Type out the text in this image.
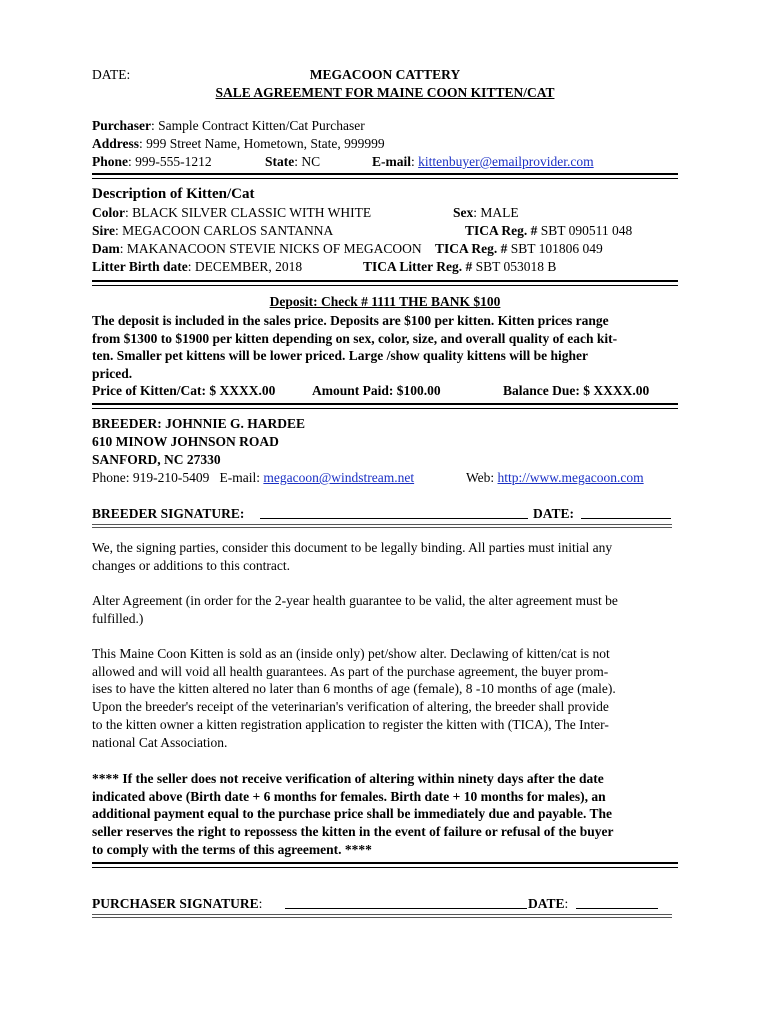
DATE:	MEGACOON CATTERY
SALE AGREEMENT FOR MAINE COON KITTEN/CAT
Purchaser: Sample Contract Kitten/Cat Purchaser
Address: 999 Street Name, Hometown, State, 999999
Phone: 999-555-1212	State: NC	E-mail: kittenbuyer@emailprovider.com
Description of Kitten/Cat
Color: BLACK SILVER CLASSIC WITH WHITE	Sex: MALE
Sire: MEGACOON CARLOS SANTANNA	TICA Reg. # SBT 090511 048
Dam: MAKANACOON STEVIE NICKS OF MEGACOON TICA Reg. # SBT 101806 049
Litter Birth date: DECEMBER, 2018	TICA Litter Reg. # SBT 053018 B
Deposit: Check # 1111 THE BANK $100
The deposit is included in the sales price. Deposits are $100 per kitten. Kitten prices range
from $1300 to $1900 per kitten depending on sex, color, size, and overall quality of each kit-
ten. Smaller pet kittens will be lower priced. Large /show quality kittens will be higher
priced.
Price of Kitten/Cat: $ XXXX.00	Amount Paid: $100.00	Balance Due: $ XXXX.00
BREEDER: JOHNNIE G. HARDEE
610 MINOW JOHNSON ROAD
SANFORD, NC 27330
Phone: 919-210-5409 E-mail: megacoon@windstream.net	Web: http://www.megacoon.com
BREEDER SIGNATURE:	DATE:
We, the signing parties, consider this document to be legally binding. All parties must initial any
changes or additions to this contract.
Alter Agreement (in order for the 2-year health guarantee to be valid, the alter agreement must be
fulfilled.)
This Maine Coon Kitten is sold as an (inside only) pet/show alter. Declawing of kitten/cat is not
allowed and will void all health guarantees. As part of the purchase agreement, the buyer prom-
ises to have the kitten altered no later than 6 months of age (female), 8 -10 months of age (male).
Upon the breeder's receipt of the veterinarian's verification of altering, the breeder shall provide
to the kitten owner a kitten registration application to register the kitten with (TICA), The Inter-
national Cat Association.
**** If the seller does not receive verification of altering within ninety days after the date
indicated above (Birth date + 6 months for females. Birth date + 10 months for males), an
additional payment equal to the purchase price shall be immediately due and payable. The
seller reserves the right to repossess the kitten in the event of failure or refusal of the buyer
to comply with the terms of this agreement. ****
PURCHASER SIGNATURE:	DATE:
